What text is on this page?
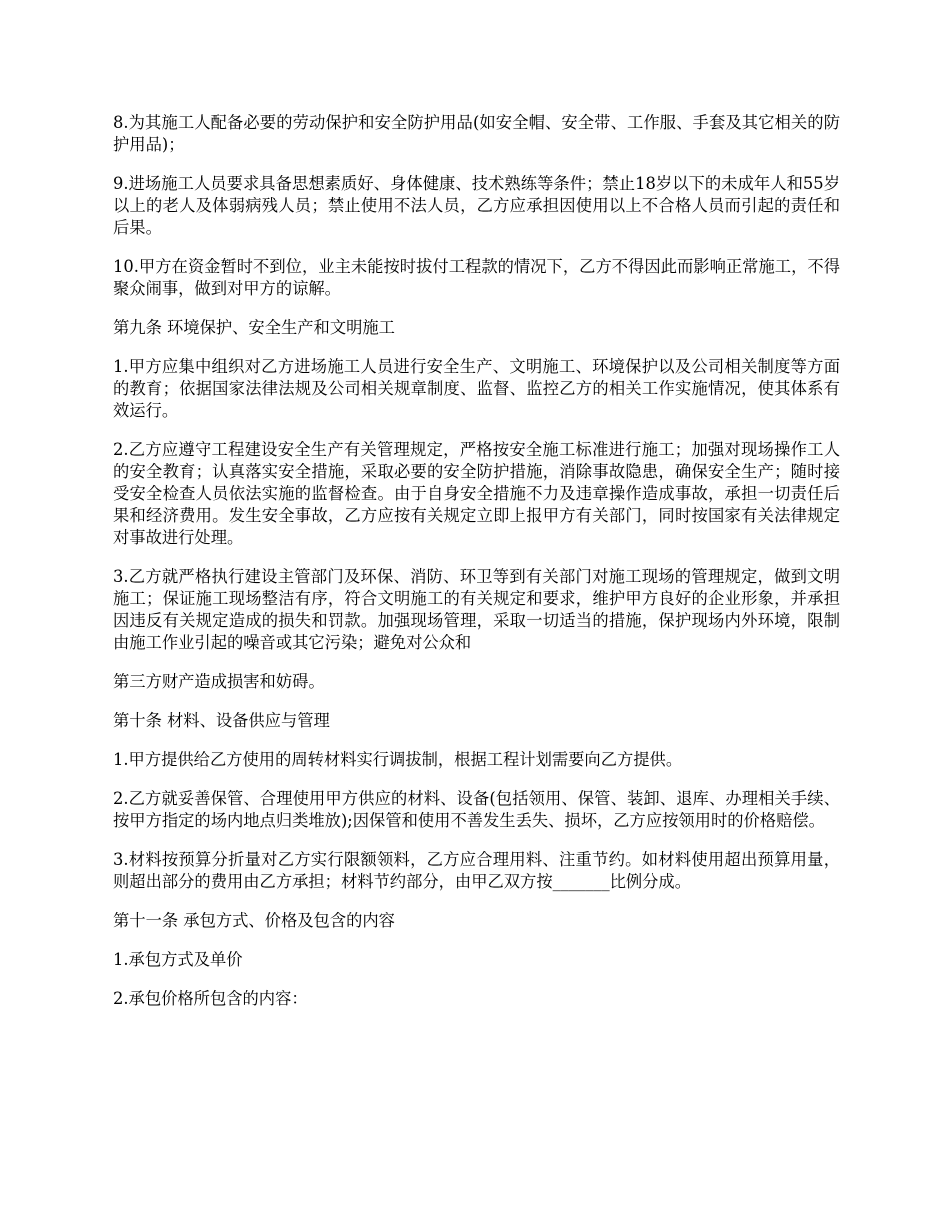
8.为其施工人配备必要的劳动保护和安全防护用品(如安全帽、安全带、工作服、手套及其它相关的防护用品)；

9.进场施工人员要求具备思想素质好、身体健康、技术熟练等条件；禁止18岁以下的未成年人和55岁以上的老人及体弱病残人员；禁止使用不法人员，乙方应承担因使用以上不合格人员而引起的责任和后果。

10.甲方在资金暂时不到位，业主未能按时拔付工程款的情况下，乙方不得因此而影响正常施工，不得聚众闹事，做到对甲方的谅解。

第九条 环境保护、安全生产和文明施工

1.甲方应集中组织对乙方进场施工人员进行安全生产、文明施工、环境保护以及公司相关制度等方面的教育；依据国家法律法规及公司相关规章制度、监督、监控乙方的相关工作实施情况，使其体系有效运行。

2.乙方应遵守工程建设安全生产有关管理规定，严格按安全施工标准进行施工；加强对现场操作工人的安全教育；认真落实安全措施，采取必要的安全防护措施，消除事故隐患，确保安全生产；随时接受安全检查人员依法实施的监督检查。由于自身安全措施不力及违章操作造成事故，承担一切责任后果和经济费用。发生安全事故，乙方应按有关规定立即上报甲方有关部门，同时按国家有关法律规定对事故进行处理。

3.乙方就严格执行建设主管部门及环保、消防、环卫等到有关部门对施工现场的管理规定，做到文明施工；保证施工现场整洁有序，符合文明施工的有关规定和要求，维护甲方良好的企业形象，并承担因违反有关规定造成的损失和罚款。加强现场管理，采取一切适当的措施，保护现场内外环境，限制由施工作业引起的噪音或其它污染；避免对公众和

第三方财产造成损害和妨碍。

第十条 材料、设备供应与管理

1.甲方提供给乙方使用的周转材料实行调拔制，根据工程计划需要向乙方提供。

2.乙方就妥善保管、合理使用甲方供应的材料、设备(包括领用、保管、装卸、退库、办理相关手续、按甲方指定的场内地点归类堆放);因保管和使用不善发生丢失、损坏，乙方应按领用时的价格赔偿。

3.材料按预算分折量对乙方实行限额领料，乙方应合理用料、注重节约。如材料使用超出预算用量，则超出部分的费用由乙方承担；材料节约部分，由甲乙双方按_______比例分成。

第十一条 承包方式、价格及包含的内容

1.承包方式及单价

2.承包价格所包含的内容：
